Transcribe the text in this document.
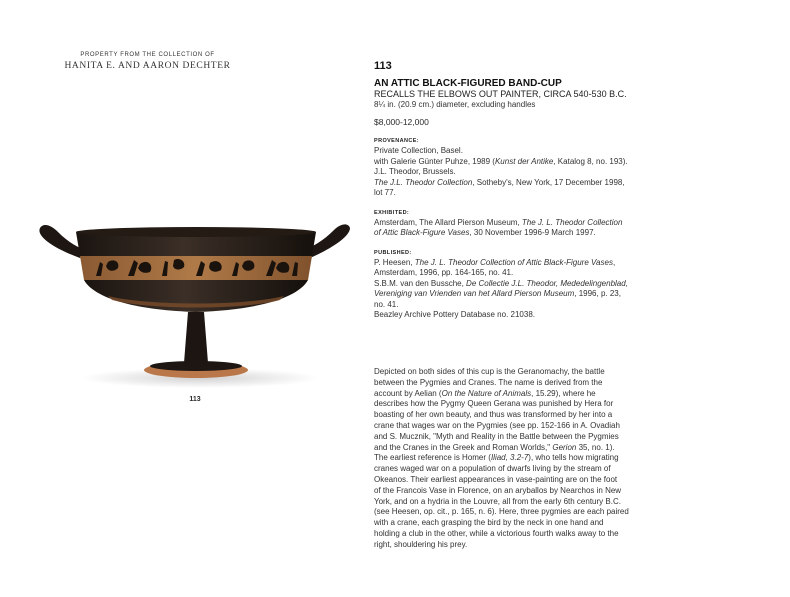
PROPERTY FROM THE COLLECTION OF
HANITA E. AND AARON DECHTER
113
113
AN ATTIC BLACK-FIGURED BAND-CUP
RECALLS THE ELBOWS OUT PAINTER, CIRCA 540-530 B.C.
8¼ in. (20.9 cm.) diameter, excluding handles
$8,000-12,000
PROVENANCE:
Private Collection, Basel.
with Galerie Günter Puhze, 1989 (Kunst der Antike, Katalog 8, no. 193).
J.L. Theodor, Brussels.
The J.L. Theodor Collection, Sotheby's, New York, 17 December 1998,
lot 77.
EXHIBITED:
Amsterdam, The Allard Pierson Museum, The J. L. Theodor Collection
of Attic Black-Figure Vases, 30 November 1996-9 March 1997.
PUBLISHED:
P. Heesen, The J. L. Theodor Collection of Attic Black-Figure Vases,
Amsterdam, 1996, pp. 164-165, no. 41.
S.B.M. van den Bussche, De Collectie J.L. Theodor, Mededelingenblad,
Vereniging van Vrienden van het Allard Pierson Museum, 1996, p. 23,
no. 41.
Beazley Archive Pottery Database no. 21038.
Depicted on both sides of this cup is the Geranomachy, the battle
between the Pygmies and Cranes. The name is derived from the
account by Aelian (On the Nature of Animals, 15.29), where he
describes how the Pygmy Queen Gerana was punished by Hera for
boasting of her own beauty, and thus was transformed by her into a
crane that wages war on the Pygmies (see pp. 152-166 in A. Ovadiah
and S. Mucznik, "Myth and Reality in the Battle between the Pygmies
and the Cranes in the Greek and Roman Worlds," Gerion 35, no. 1).
The earliest reference is Homer (Iliad, 3.2-7), who tells how migrating
cranes waged war on a population of dwarfs living by the stream of
Okeanos. Their earliest appearances in vase-painting are on the foot
of the Francois Vase in Florence, on an aryballos by Nearchos in New
York, and on a hydria in the Louvre, all from the early 6th century B.C.
(see Heesen, op. cit., p. 165, n. 6). Here, three pygmies are each paired
with a crane, each grasping the bird by the neck in one hand and
holding a club in the other, while a victorious fourth walks away to the
right, shouldering his prey.
